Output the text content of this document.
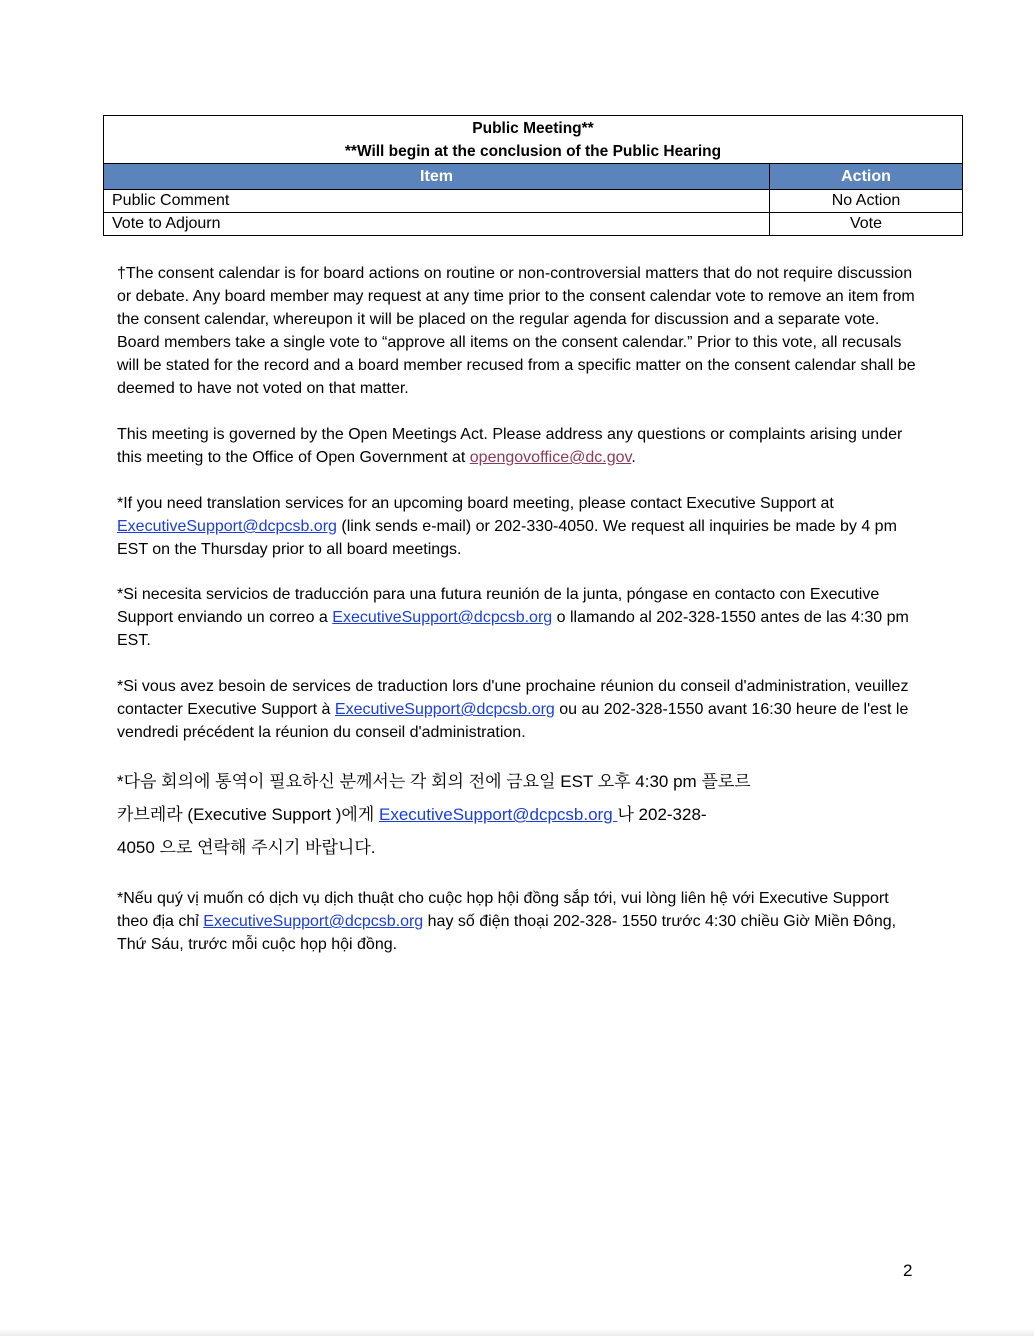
Public Meeting**
**Will begin at the conclusion of the Public Hearing	

Item	Action
Public Comment	No Action
Vote to Adjourn	Vote

†The consent calendar is for board actions on routine or non-controversial matters that do not require discussion or debate. Any board member may request at any time prior to the consent calendar vote to remove an item from the consent calendar, whereupon it will be placed on the regular agenda for discussion and a separate vote. Board members take a single vote to “approve all items on the consent calendar.” Prior to this vote, all recusals will be stated for the record and a board member recused from a specific matter on the consent calendar shall be deemed to have not voted on that matter.

This meeting is governed by the Open Meetings Act. Please address any questions or complaints arising under this meeting to the Office of Open Government at opengovoffice@dc.gov.

*If you need translation services for an upcoming board meeting, please contact Executive Support at ExecutiveSupport@dcpcsb.org (link sends e-mail) or 202-330-4050. We request all inquiries be made by 4 pm EST on the Thursday prior to all board meetings.

*Si necesita servicios de traducción para una futura reunión de la junta, póngase en contacto con Executive Support enviando un correo a ExecutiveSupport@dcpcsb.org o llamando al 202-328-1550 antes de las 4:30 pm EST.

*Si vous avez besoin de services de traduction lors d'une prochaine réunion du conseil d'administration, veuillez contacter Executive Support à ExecutiveSupport@dcpcsb.org ou au 202-328-1550 avant 16:30 heure de l'est le vendredi précédent la réunion du conseil d'administration.

*다음 회의에 통역이 필요하신 분께서는 각 회의 전에 금요일 EST 오후 4:30 pm 플로르

카브레라 (Executive Support )에게 ExecutiveSupport@dcpcsb.org 나 202-328-

4050 으로 연락해 주시기 바랍니다.

*Nếu quý vị muốn có dịch vụ dịch thuật cho cuộc họp hội đồng sắp tới, vui lòng liên hệ với Executive Support theo địa chỉ ExecutiveSupport@dcpcsb.org hay số điện thoại 202-328- 1550 trước 4:30 chiều Giờ Miền Đông, Thứ Sáu, trước mỗi cuộc họp hội đồng.

2
